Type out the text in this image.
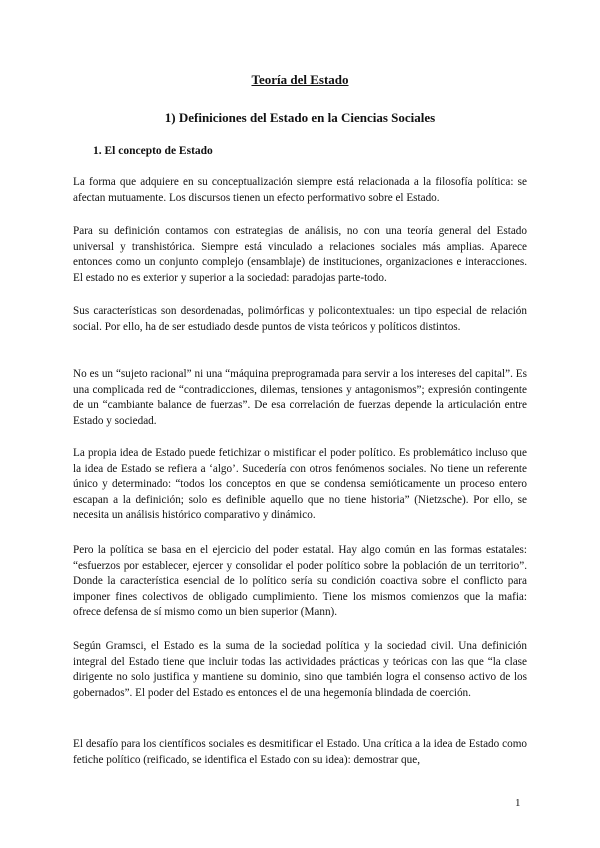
Teoría del Estado
1) Definiciones del Estado en la Ciencias Sociales
1. El concepto de Estado

La forma que adquiere en su conceptualización siempre está relacionada a la filosofía política: se afectan mutuamente. Los discursos tienen un efecto performativo sobre el Estado.

Para su definición contamos con estrategias de análisis, no con una teoría general del Estado universal y transhistórica. Siempre está vinculado a relaciones sociales más amplias. Aparece entonces como un conjunto complejo (ensamblaje) de instituciones, organizaciones e interacciones. El estado no es exterior y superior a la sociedad: paradojas parte-todo.

Sus características son desordenadas, polimórficas y policontextuales: un tipo especial de relación social. Por ello, ha de ser estudiado desde puntos de vista teóricos y políticos distintos.

No es un “sujeto racional” ni una “máquina preprogramada para servir a los intereses del capital”. Es una complicada red de “contradicciones, dilemas, tensiones y antagonismos”; expresión contingente de un “cambiante balance de fuerzas”. De esa correlación de fuerzas depende la articulación entre Estado y sociedad.

La propia idea de Estado puede fetichizar o mistificar el poder político. Es problemático incluso que la idea de Estado se refiera a ‘algo’. Sucedería con otros fenómenos sociales. No tiene un referente único y determinado: “todos los conceptos en que se condensa semióticamente un proceso entero escapan a la definición; solo es definible aquello que no tiene historia” (Nietzsche). Por ello, se necesita un análisis histórico comparativo y dinámico.

Pero la política se basa en el ejercicio del poder estatal. Hay algo común en las formas estatales: “esfuerzos por establecer, ejercer y consolidar el poder político sobre la población de un territorio”. Donde la característica esencial de lo político sería su condición coactiva sobre el conflicto para imponer fines colectivos de obligado cumplimiento. Tiene los mismos comienzos que la mafia: ofrece defensa de sí mismo como un bien superior (Mann).

Según Gramsci, el Estado es la suma de la sociedad política y la sociedad civil. Una definición integral del Estado tiene que incluir todas las actividades prácticas y teóricas con las que “la clase dirigente no solo justifica y mantiene su dominio, sino que también logra el consenso activo de los gobernados”. El poder del Estado es entonces el de una hegemonía blindada de coerción.

El desafío para los científicos sociales es desmitificar el Estado. Una crítica a la idea de Estado como fetiche político (reificado, se identifica el Estado con su idea): demostrar que,

1
